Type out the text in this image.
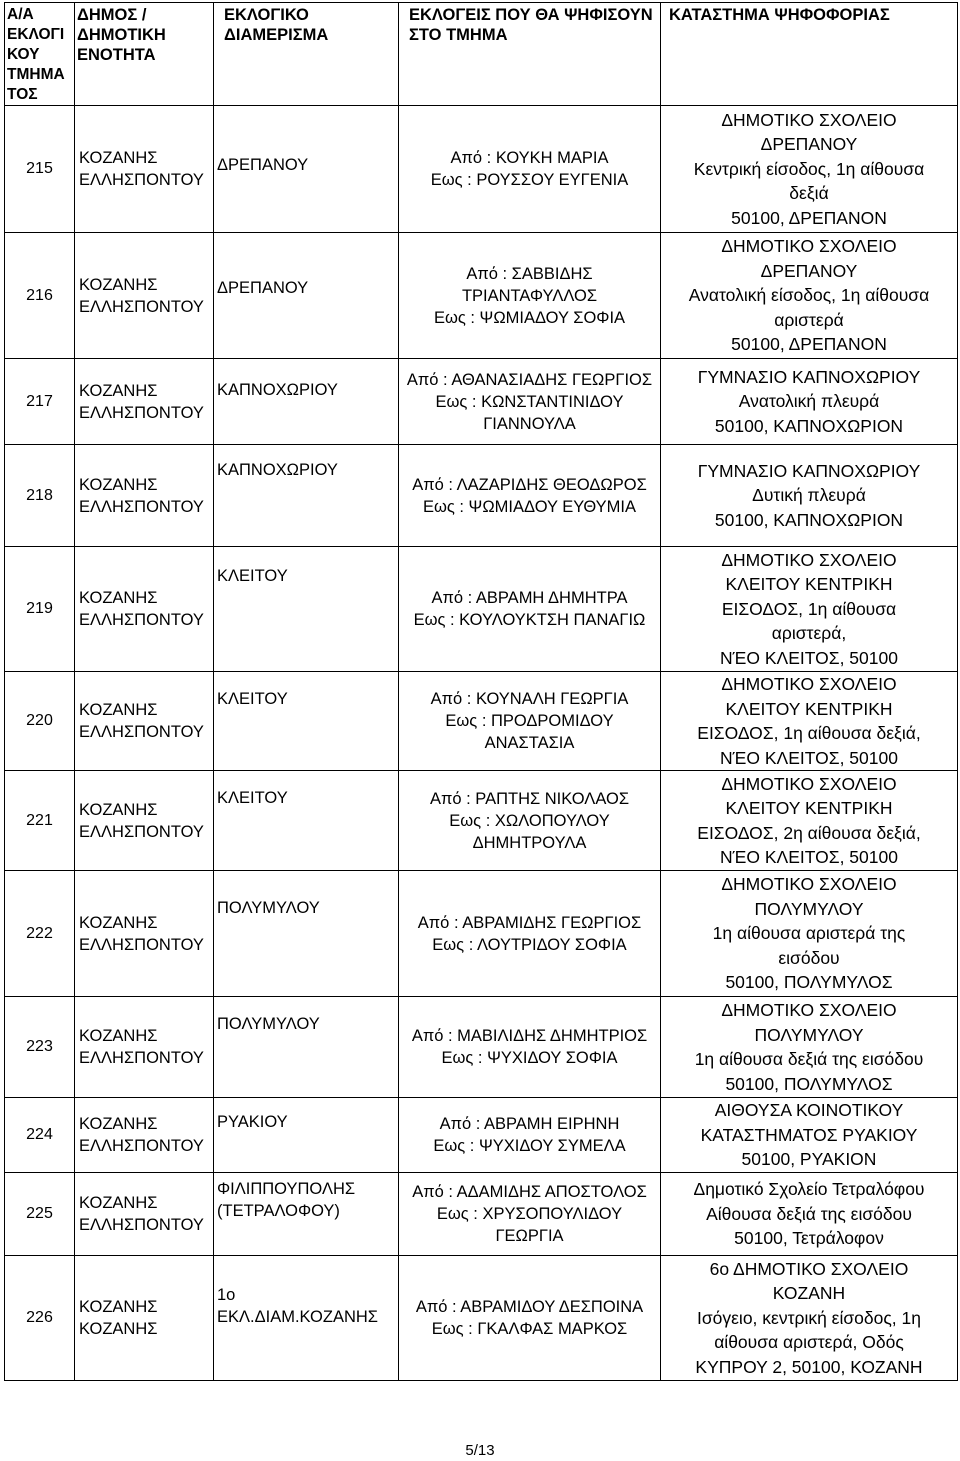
Α/Α
ΕΚΛΟΓΙ
ΚΟΥ
ΤΜΗΜΑ
ΤΟΣ	ΔΗΜΟΣ /
ΔΗΜΟΤΙΚΗ
ΕΝΟΤΗΤΑ	ΕΚΛΟΓΙΚΟ
ΔΙΑΜΕΡΙΣΜΑ	ΕΚΛΟΓΕΙΣ ΠΟΥ ΘΑ ΨΗΦΙΣΟΥΝ
ΣΤΟ ΤΜΗΜΑ	ΚΑΤΑΣΤΗΜΑ ΨΗΦΟΦΟΡΙΑΣ

215	ΚΟΖΑΝΗΣ
ΕΛΛΗΣΠΟΝΤΟΥ	ΔΡΕΠΑΝΟΥ	Από : ΚΟΥΚΗ ΜΑΡΙΑ
Εως : ΡΟΥΣΣΟΥ ΕΥΓΕΝΙΑ	ΔΗΜΟΤΙΚΟ ΣΧΟΛΕΙΟ
ΔΡΕΠΑΝΟΥ
Κεντρική είσοδος, 1η αίθουσα
δεξιά
50100, ΔΡΕΠΑΝΟΝ

216	ΚΟΖΑΝΗΣ
ΕΛΛΗΣΠΟΝΤΟΥ	ΔΡΕΠΑΝΟΥ	Από : ΣΑΒΒΙΔΗΣ
ΤΡΙΑΝΤΑΦΥΛΛΟΣ
Εως : ΨΩΜΙΑΔΟΥ ΣΟΦΙΑ	ΔΗΜΟΤΙΚΟ ΣΧΟΛΕΙΟ
ΔΡΕΠΑΝΟΥ
Ανατολική είσοδος, 1η αίθουσα
αριστερά
50100, ΔΡΕΠΑΝΟΝ

217	ΚΟΖΑΝΗΣ
ΕΛΛΗΣΠΟΝΤΟΥ	ΚΑΠΝΟΧΩΡΙΟΥ	Από : ΑΘΑΝΑΣΙΑΔΗΣ ΓΕΩΡΓΙΟΣ
Εως : ΚΩΝΣΤΑΝΤΙΝΙΔΟΥ
ΓΙΑΝΝΟΥΛΑ	ΓΥΜΝΑΣΙΟ ΚΑΠΝΟΧΩΡΙΟΥ
Ανατολική πλευρά
50100, ΚΑΠΝΟΧΩΡΙΟΝ

218	ΚΟΖΑΝΗΣ
ΕΛΛΗΣΠΟΝΤΟΥ	ΚΑΠΝΟΧΩΡΙΟΥ	Από : ΛΑΖΑΡΙΔΗΣ ΘΕΟΔΩΡΟΣ
Εως : ΨΩΜΙΑΔΟΥ ΕΥΘΥΜΙΑ	ΓΥΜΝΑΣΙΟ ΚΑΠΝΟΧΩΡΙΟΥ
Δυτική πλευρά
50100, ΚΑΠΝΟΧΩΡΙΟΝ

219	ΚΟΖΑΝΗΣ
ΕΛΛΗΣΠΟΝΤΟΥ	ΚΛΕΙΤΟΥ	Από : ΑΒΡΑΜΗ ΔΗΜΗΤΡΑ
Εως : ΚΟΥΛΟΥΚΤΣΗ ΠΑΝΑΓΙΩ	ΔΗΜΟΤΙΚΟ ΣΧΟΛΕΙΟ
ΚΛΕΙΤΟΥ ΚΕΝΤΡΙΚΗ
ΕΙΣΟΔΟΣ, 1η αίθουσα
αριστερά,
ΝΈΟ ΚΛΕΙΤΟΣ, 50100

220	ΚΟΖΑΝΗΣ
ΕΛΛΗΣΠΟΝΤΟΥ	ΚΛΕΙΤΟΥ	Από : ΚΟΥΝΑΛΗ ΓΕΩΡΓΙΑ
Εως : ΠΡΟΔΡΟΜΙΔΟΥ
ΑΝΑΣΤΑΣΙΑ	ΔΗΜΟΤΙΚΟ ΣΧΟΛΕΙΟ
ΚΛΕΙΤΟΥ ΚΕΝΤΡΙΚΗ
ΕΙΣΟΔΟΣ, 1η αίθουσα δεξιά,
ΝΈΟ ΚΛΕΙΤΟΣ, 50100

221	ΚΟΖΑΝΗΣ
ΕΛΛΗΣΠΟΝΤΟΥ	ΚΛΕΙΤΟΥ	Από : ΡΑΠΤΗΣ ΝΙΚΟΛΑΟΣ
Εως : ΧΩΛΟΠΟΥΛΟΥ
ΔΗΜΗΤΡΟΥΛΑ	ΔΗΜΟΤΙΚΟ ΣΧΟΛΕΙΟ
ΚΛΕΙΤΟΥ ΚΕΝΤΡΙΚΗ
ΕΙΣΟΔΟΣ, 2η αίθουσα δεξιά,
ΝΈΟ ΚΛΕΙΤΟΣ, 50100

222	ΚΟΖΑΝΗΣ
ΕΛΛΗΣΠΟΝΤΟΥ	ΠΟΛΥΜΥΛΟΥ	Από : ΑΒΡΑΜΙΔΗΣ ΓΕΩΡΓΙΟΣ
Εως : ΛΟΥΤΡΙΔΟΥ ΣΟΦΙΑ	ΔΗΜΟΤΙΚΟ ΣΧΟΛΕΙΟ
ΠΟΛΥΜΥΛΟΥ
1η αίθουσα αριστερά της
εισόδου
50100, ΠΟΛΥΜΥΛΟΣ

223	ΚΟΖΑΝΗΣ
ΕΛΛΗΣΠΟΝΤΟΥ	ΠΟΛΥΜΥΛΟΥ	Από : ΜΑΒΙΛΙΔΗΣ ΔΗΜΗΤΡΙΟΣ
Εως : ΨΥΧΙΔΟΥ ΣΟΦΙΑ	ΔΗΜΟΤΙΚΟ ΣΧΟΛΕΙΟ
ΠΟΛΥΜΥΛΟΥ
1η αίθουσα δεξιά της εισόδου
50100, ΠΟΛΥΜΥΛΟΣ

224	ΚΟΖΑΝΗΣ
ΕΛΛΗΣΠΟΝΤΟΥ	ΡΥΑΚΙΟΥ	Από : ΑΒΡΑΜΗ ΕΙΡΗΝΗ
Εως : ΨΥΧΙΔΟΥ ΣΥΜΕΛΑ	ΑΙΘΟΥΣΑ ΚΟΙΝΟΤΙΚΟΥ
ΚΑΤΑΣΤΗΜΑΤΟΣ ΡΥΑΚΙΟΥ
50100, ΡΥΑΚΙΟΝ

225	ΚΟΖΑΝΗΣ
ΕΛΛΗΣΠΟΝΤΟΥ	ΦΙΛΙΠΠΟΥΠΟΛΗΣ
(ΤΕΤΡΑΛΟΦΟΥ)	Από : ΑΔΑΜΙΔΗΣ ΑΠΟΣΤΟΛΟΣ
Εως : ΧΡΥΣΟΠΟΥΛΙΔΟΥ
ΓΕΩΡΓΙΑ	Δημοτικό Σχολείο Τετραλόφου
Αίθουσα δεξιά της εισόδου
50100, Τετράλοφον

226	ΚΟΖΑΝΗΣ
ΚΟΖΑΝΗΣ	1ο
ΕΚΛ.ΔΙΑΜ.ΚΟΖΑΝΗΣ	Από : ΑΒΡΑΜΙΔΟΥ ΔΕΣΠΟΙΝΑ
Εως : ΓΚΑΛΦΑΣ ΜΑΡΚΟΣ	6ο ΔΗΜΟΤΙΚΟ ΣΧΟΛΕΙΟ
ΚΟΖΑΝΗ
Ισόγειο, κεντρική είσοδος, 1η
αίθουσα αριστερά, Οδός
ΚΥΠΡΟΥ 2, 50100, ΚΟΖΑΝΗ
5/13
